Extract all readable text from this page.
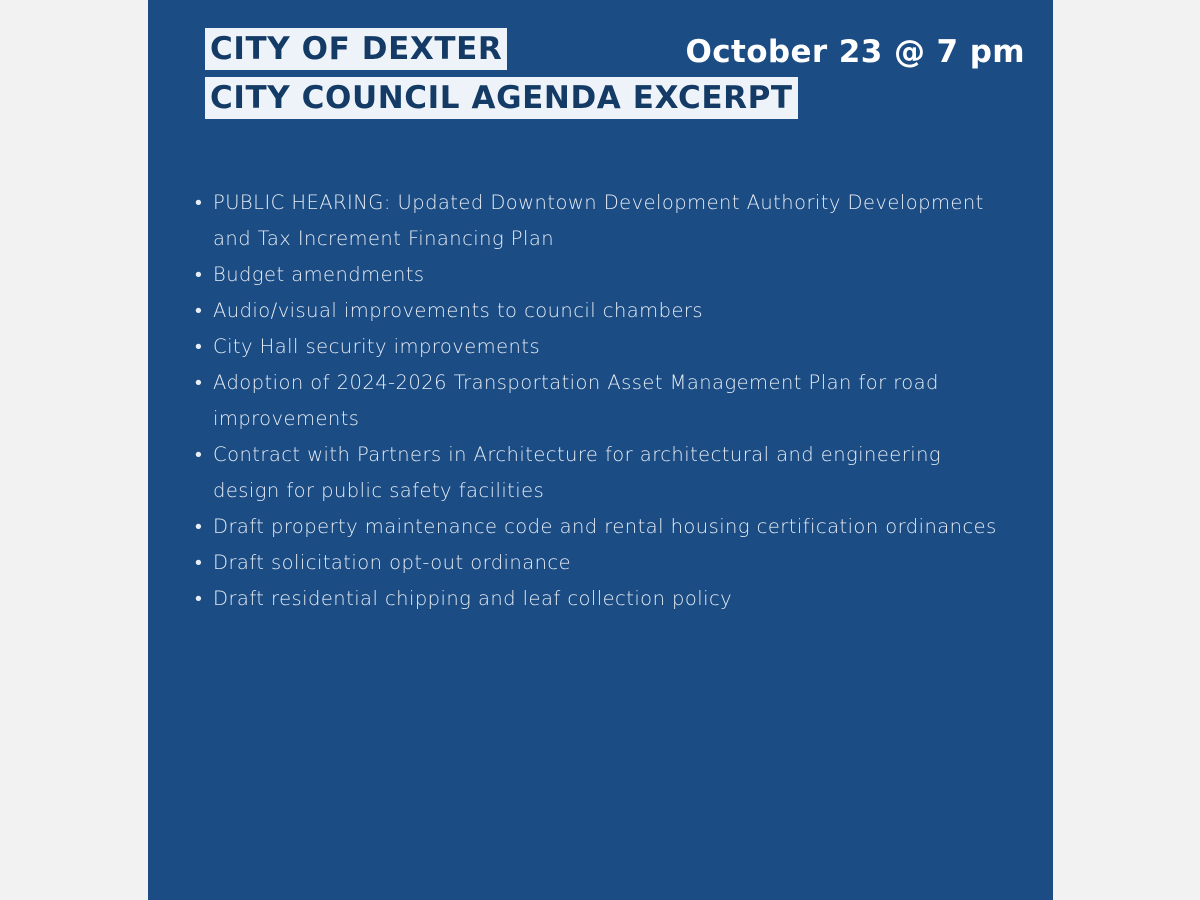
CITY OF DEXTER
CITY COUNCIL AGENDA EXCERPT
October 23 @ 7 pm
• PUBLIC HEARING: Updated Downtown Development Authority Development and Tax Increment Financing Plan
• Budget amendments
• Audio/visual improvements to council chambers
• City Hall security improvements
• Adoption of 2024-2026 Transportation Asset Management Plan for road improvements
• Contract with Partners in Architecture for architectural and engineering design for public safety facilities
• Draft property maintenance code and rental housing certification ordinances
• Draft solicitation opt-out ordinance
• Draft residential chipping and leaf collection policy
